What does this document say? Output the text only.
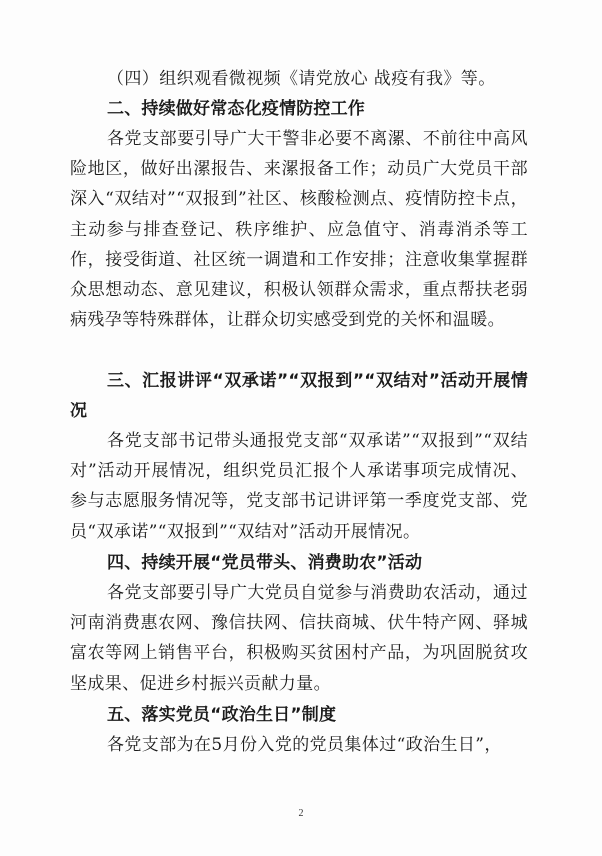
（四）组织观看微视频《请党放心 战疫有我》等。

二、持续做好常态化疫情防控工作

各党支部要引导广大干警非必要不离漯、不前往中高风险地区，做好出漯报告、来漯报备工作；动员广大党员干部深入“双结对”“双报到”社区、核酸检测点、疫情防控卡点，主动参与排查登记、秩序维护、应急值守、消毒消杀等工作，接受街道、社区统一调遣和工作安排；注意收集掌握群众思想动态、意见建议，积极认领群众需求，重点帮扶老弱病残孕等特殊群体，让群众切实感受到党的关怀和温暖。

三、汇报讲评“双承诺”“双报到”“双结对”活动开展情况

各党支部书记带头通报党支部“双承诺”“双报到”“双结对”活动开展情况，组织党员汇报个人承诺事项完成情况、参与志愿服务情况等，党支部书记讲评第一季度党支部、党员“双承诺”“双报到”“双结对”活动开展情况。

四、持续开展“党员带头、消费助农”活动

各党支部要引导广大党员自觉参与消费助农活动，通过河南消费惠农网、豫信扶网、信扶商城、伏牛特产网、驿城富农等网上销售平台，积极购买贫困村产品，为巩固脱贫攻坚成果、促进乡村振兴贡献力量。

五、落实党员“政治生日”制度

各党支部为在5月份入党的党员集体过“政治生日”，

2
